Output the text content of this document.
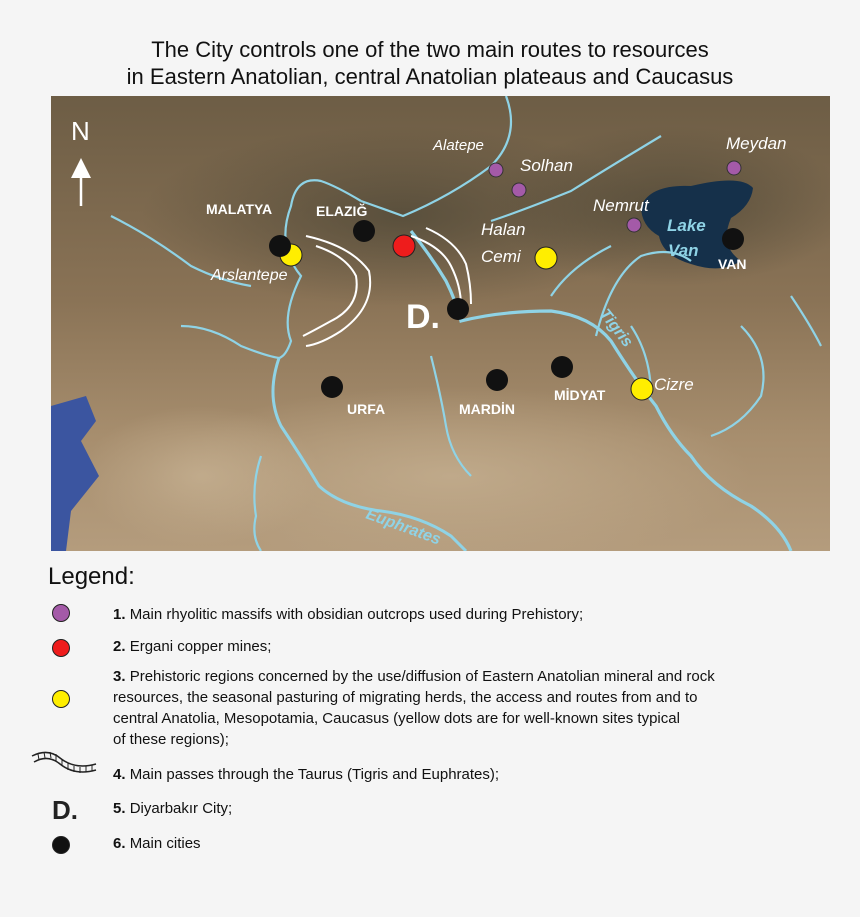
The City controls one of the two main routes to resources
in Eastern Anatolian, central Anatolian plateaus and Caucasus
N
MALATYA	ELAZIĞ
Arslantepe
Alatepe
Solhan
Meydan
Nemrut
Halan
Cemi
Lake
Van
VAN
D.	Tigris
URFA	MARDİN
MİDYAT
Cizre
Euphrates
Legend:
1. Main rhyolitic massifs with obsidian outcrops used during Prehistory;
2. Ergani copper mines;
3. Prehistoric regions concerned by the use/diffusion of Eastern Anatolian mineral and rock
resources, the seasonal pasturing of migrating herds, the access and routes from and to
central Anatolia, Mesopotamia, Caucasus (yellow dots are for well-known sites typical
of these regions);
4. Main passes through the Taurus (Tigris and Euphrates);
D. 5. Diyarbakır City;
6. Main cities
